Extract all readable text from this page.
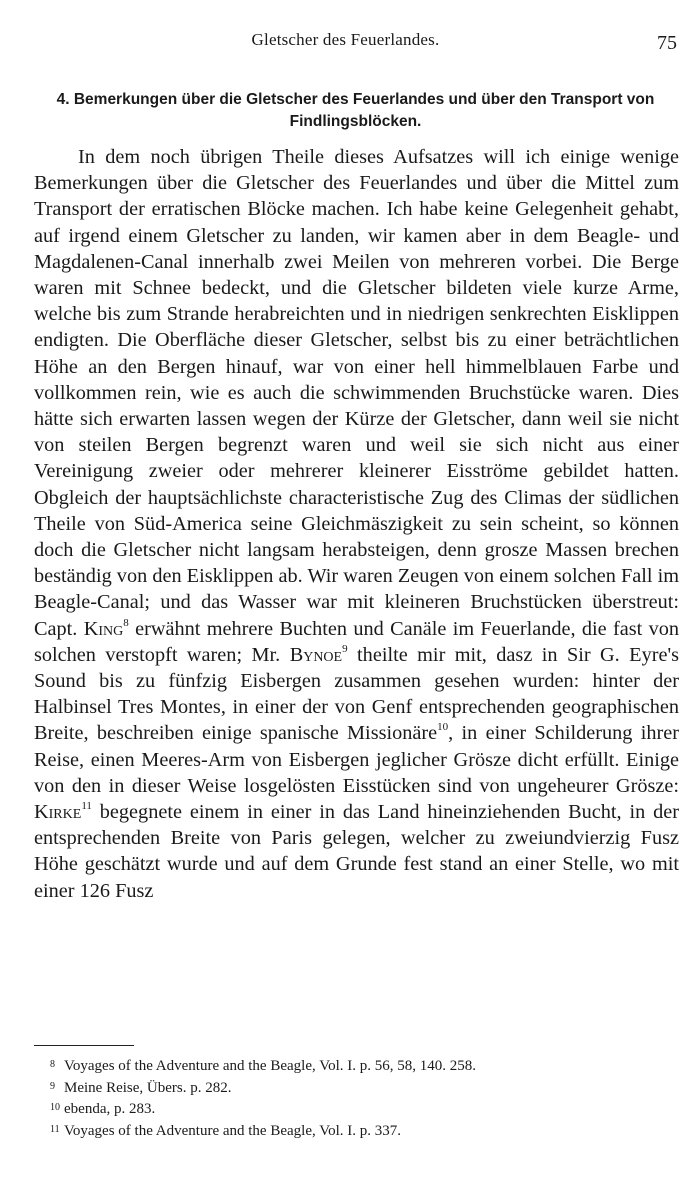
Gletscher des Feuerlandes.	75
4. Bemerkungen über die Gletscher des Feuerlandes und über den Transport von Findlingsblöcken.

In dem noch übrigen Theile dieses Aufsatzes will ich einige wenige Bemerkungen über die Gletscher des Feuerlandes und über die Mittel zum Transport der erratischen Blöcke machen. Ich habe keine Gelegenheit gehabt, auf irgend einem Gletscher zu landen, wir kamen aber in dem Beagle- und Magdalenen-Canal innerhalb zwei Meilen von mehreren vorbei. Die Berge waren mit Schnee bedeckt, und die Gletscher bildeten viele kurze Arme, welche bis zum Strande herabreichten und in niedrigen senkrechten Eisklippen endigten. Die Oberfläche dieser Gletscher, selbst bis zu einer beträchtlichen Höhe an den Bergen hinauf, war von einer hell himmelblauen Farbe und vollkommen rein, wie es auch die schwimmenden Bruchstücke waren. Dies hätte sich erwarten lassen wegen der Kürze der Gletscher, dann weil sie nicht von steilen Bergen begrenzt waren und weil sie sich nicht aus einer Vereinigung zweier oder mehrerer kleinerer Eisströme gebildet hatten. Obgleich der hauptsächlichste characteristische Zug des Climas der südlichen Theile von Süd-America seine Gleichmäszigkeit zu sein scheint, so können doch die Gletscher nicht langsam herabsteigen, denn grosze Massen brechen beständig von den Eisklippen ab. Wir waren Zeugen von einem solchen Fall im Beagle-Canal; und das Wasser war mit kleineren Bruchstücken überstreut: Capt. King$^8$ erwähnt mehrere Buchten und Canäle im Feuerlande, die fast von solchen verstopft waren; Mr. Bynoe$^9$ theilte mir mit, dasz in Sir G. Eyre's Sound bis zu fünfzig Eisbergen zusammen gesehen wurden: hinter der Halbinsel Tres Montes, in einer der von Genf entsprechenden geographischen Breite, beschreiben einige spanische Missionäre$^{10}$, in einer Schilderung ihrer Reise, einen Meeres-Arm von Eisbergen jeglicher Grösze dicht erfüllt. Einige von den in dieser Weise losgelösten Eisstücken sind von ungeheurer Grösze: Kirke$^{11}$ begegnete einem in einer in das Land hineinziehenden Bucht, in der entsprechenden Breite von Paris gelegen, welcher zu zweiundvierzig Fusz Höhe geschätzt wurde und auf dem Grunde fest stand an einer Stelle, wo mit einer 126 Fusz

8 Voyages of the Adventure and the Beagle, Vol. I. p. 56, 58, 140. 258.
9 Meine Reise, Übers. p. 282.
10 ebenda, p. 283.
11 Voyages of the Adventure and the Beagle, Vol. I. p. 337.
